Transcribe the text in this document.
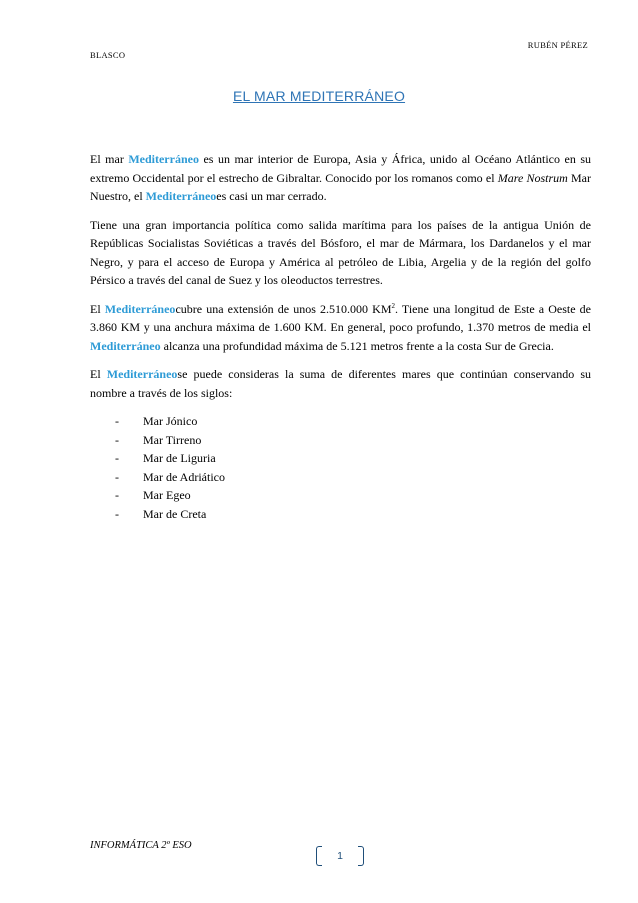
RUBÉN PÉREZ
BLASCO
EL MAR MEDITERRÁNEO

El mar Mediterráneo es un mar interior de Europa, Asia y África, unido al Océano Atlántico en su extremo Occidental por el estrecho de Gibraltar. Conocido por los romanos como el Mare Nostrum Mar Nuestro, el Mediterráneoes casi un mar cerrado.

Tiene una gran importancia política como salida marítima para los países de la antigua Unión de Repúblicas Socialistas Soviéticas a través del Bósforo, el mar de Mármara, los Dardanelos y el mar Negro, y para el acceso de Europa y América al petróleo de Libia, Argelia y de la región del golfo Pérsico a través del canal de Suez y los oleoductos terrestres.

El Mediterráneocubre una extensión de unos 2.510.000 $KM^2$. Tiene una longitud de Este a Oeste de 3.860 KM y una anchura máxima de 1.600 KM. En general, poco profundo, 1.370 metros de media el Mediterráneo alcanza una profundidad máxima de 5.121 metros frente a la costa Sur de Grecia.

El Mediterráneose puede consideras la suma de diferentes mares que continúan conservando su nombre a través de los siglos:

- Mar Jónico
- Mar Tirreno
- Mar de Liguria
- Mar de Adriático
- Mar Egeo
- Mar de Creta
INFORMÁTICA 2º ESO
1
